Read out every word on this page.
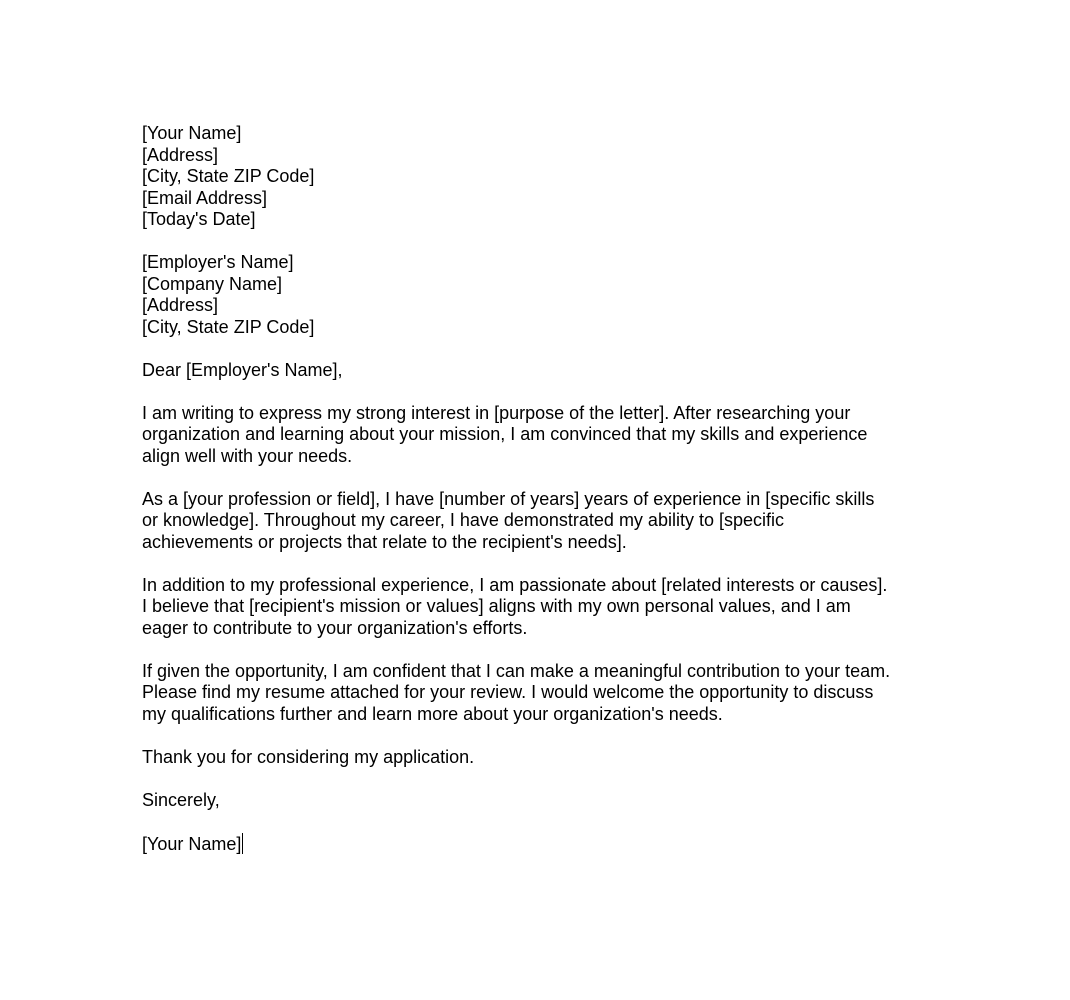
[Your Name]
[Address]
[City, State ZIP Code]
[Email Address]
[Today's Date]
[Employer's Name]
[Company Name]
[Address]
[City, State ZIP Code]
Dear [Employer's Name],
I am writing to express my strong interest in [purpose of the letter]. After researching your
organization and learning about your mission, I am convinced that my skills and experience
align well with your needs.
As a [your profession or field], I have [number of years] years of experience in [specific skills
or knowledge]. Throughout my career, I have demonstrated my ability to [specific
achievements or projects that relate to the recipient's needs].
In addition to my professional experience, I am passionate about [related interests or causes].
I believe that [recipient's mission or values] aligns with my own personal values, and I am
eager to contribute to your organization's efforts.
If given the opportunity, I am confident that I can make a meaningful contribution to your team.
Please find my resume attached for your review. I would welcome the opportunity to discuss
my qualifications further and learn more about your organization's needs.
Thank you for considering my application.
Sincerely,
[Your Name]
